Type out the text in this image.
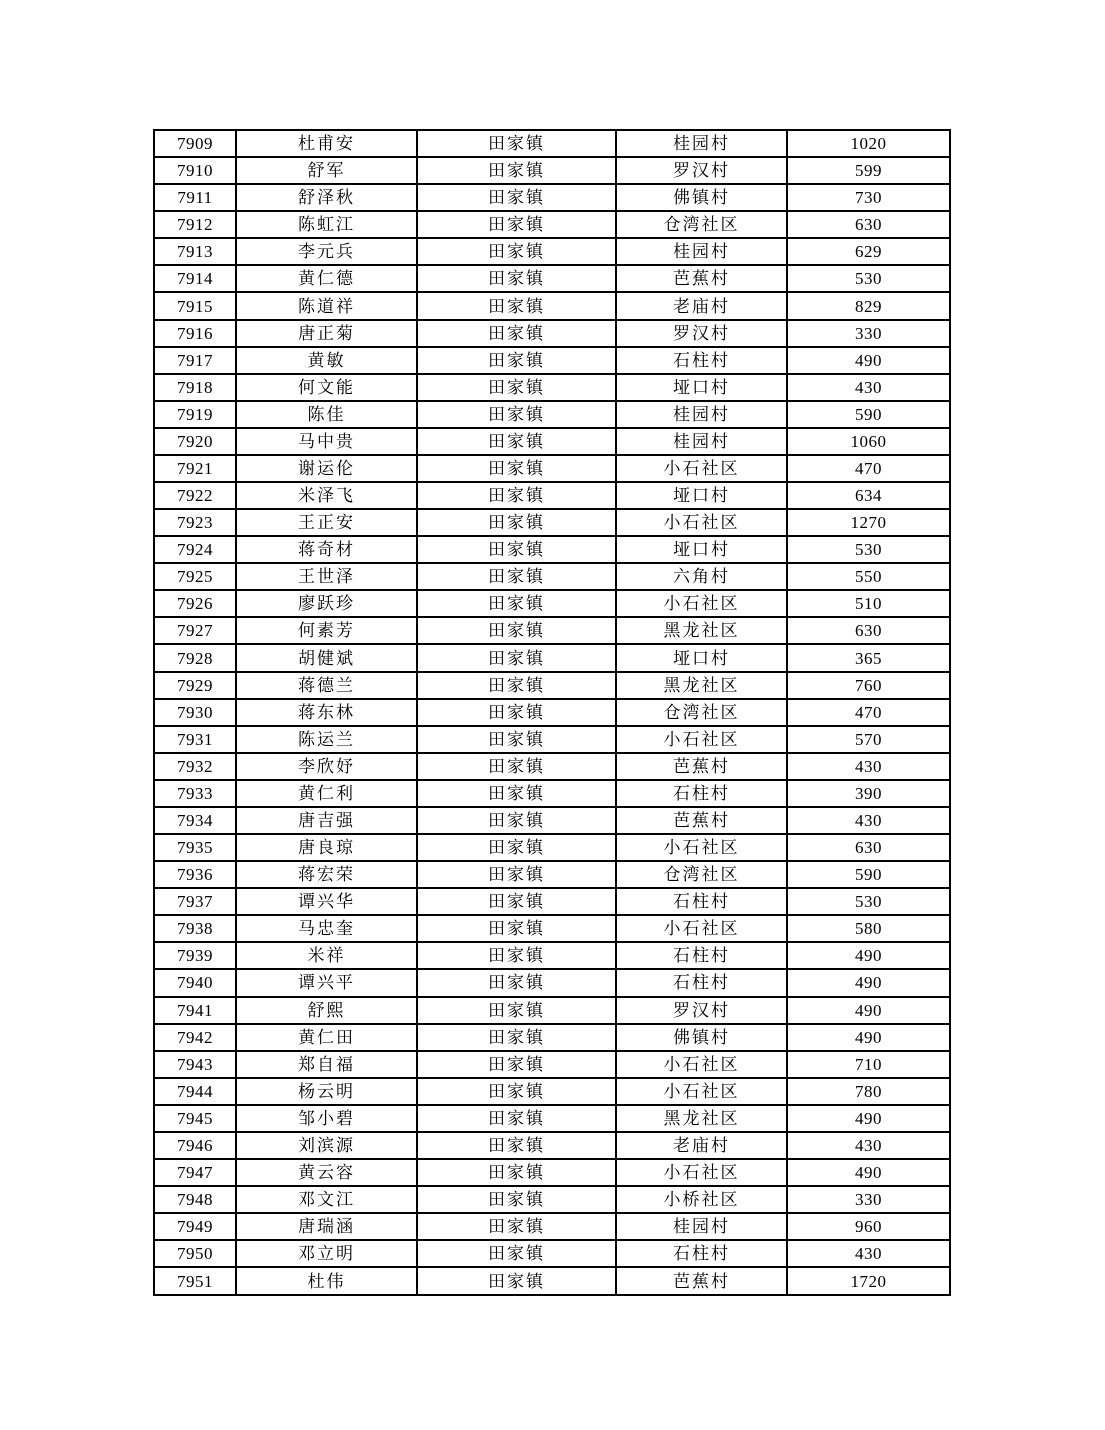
7909	杜甫安	田家镇	桂园村	1020
7910	舒军	田家镇	罗汉村	599
7911	舒泽秋	田家镇	佛镇村	730
7912	陈虹江	田家镇	仓湾社区	630
7913	李元兵	田家镇	桂园村	629
7914	黄仁德	田家镇	芭蕉村	530
7915	陈道祥	田家镇	老庙村	829
7916	唐正菊	田家镇	罗汉村	330
7917	黄敏	田家镇	石柱村	490
7918	何文能	田家镇	垭口村	430
7919	陈佳	田家镇	桂园村	590
7920	马中贵	田家镇	桂园村	1060
7921	谢运伦	田家镇	小石社区	470
7922	米泽飞	田家镇	垭口村	634
7923	王正安	田家镇	小石社区	1270
7924	蒋奇材	田家镇	垭口村	530
7925	王世泽	田家镇	六角村	550
7926	廖跃珍	田家镇	小石社区	510
7927	何素芳	田家镇	黑龙社区	630
7928	胡健斌	田家镇	垭口村	365
7929	蒋德兰	田家镇	黑龙社区	760
7930	蒋东林	田家镇	仓湾社区	470
7931	陈运兰	田家镇	小石社区	570
7932	李欣妤	田家镇	芭蕉村	430
7933	黄仁利	田家镇	石柱村	390
7934	唐吉强	田家镇	芭蕉村	430
7935	唐良琼	田家镇	小石社区	630
7936	蒋宏荣	田家镇	仓湾社区	590
7937	谭兴华	田家镇	石柱村	530
7938	马忠奎	田家镇	小石社区	580
7939	米祥	田家镇	石柱村	490
7940	谭兴平	田家镇	石柱村	490
7941	舒熙	田家镇	罗汉村	490
7942	黄仁田	田家镇	佛镇村	490
7943	郑自福	田家镇	小石社区	710
7944	杨云明	田家镇	小石社区	780
7945	邹小碧	田家镇	黑龙社区	490
7946	刘滨源	田家镇	老庙村	430
7947	黄云容	田家镇	小石社区	490
7948	邓文江	田家镇	小桥社区	330
7949	唐瑞涵	田家镇	桂园村	960
7950	邓立明	田家镇	石柱村	430
7951	杜伟	田家镇	芭蕉村	1720
